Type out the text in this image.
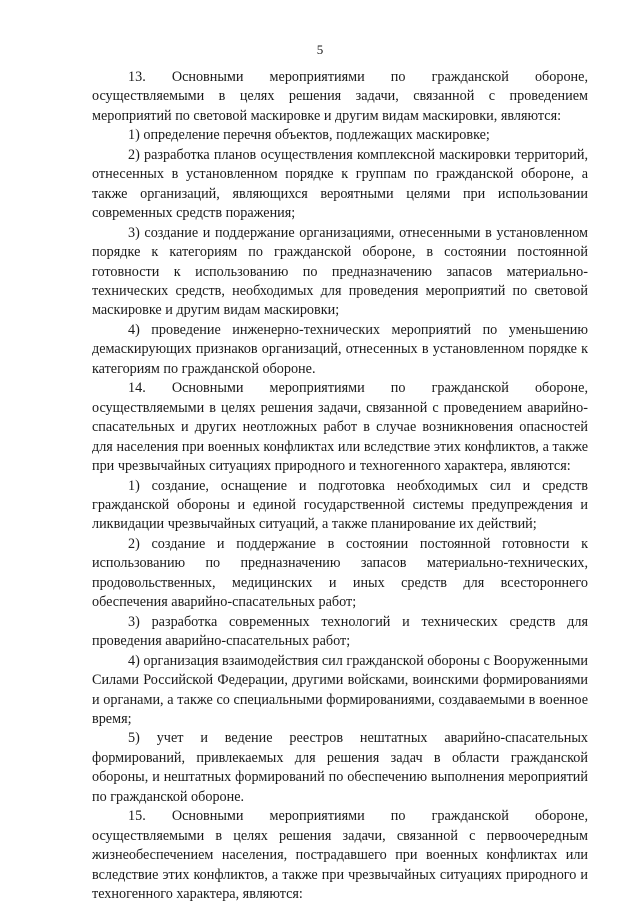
5

13. Основными мероприятиями по гражданской обороне, осуществляемыми в целях решения задачи, связанной с проведением мероприятий по световой маскировке и другим видам маскировки, являются:

1) определение перечня объектов, подлежащих маскировке;

2) разработка планов осуществления комплексной маскировки территорий, отнесенных в установленном порядке к группам по гражданской обороне, а также организаций, являющихся вероятными целями при использовании современных средств поражения;

3) создание и поддержание организациями, отнесенными в установленном порядке к категориям по гражданской обороне, в состоянии постоянной готовности к использованию по предназначению запасов материально-технических средств, необходимых для проведения мероприятий по световой маскировке и другим видам маскировки;

4) проведение инженерно-технических мероприятий по уменьшению демаскирующих признаков организаций, отнесенных в установленном порядке к категориям по гражданской обороне.

14. Основными мероприятиями по гражданской обороне, осуществляемыми в целях решения задачи, связанной с проведением аварийно-спасательных и других неотложных работ в случае возникновения опасностей для населения при военных конфликтах или вследствие этих конфликтов, а также при чрезвычайных ситуациях природного и техногенного характера, являются:

1) создание, оснащение и подготовка необходимых сил и средств гражданской обороны и единой государственной системы предупреждения и ликвидации чрезвычайных ситуаций, а также планирование их действий;

2) создание и поддержание в состоянии постоянной готовности к использованию по предназначению запасов материально-технических, продовольственных, медицинских и иных средств для всестороннего обеспечения аварийно-спасательных работ;

3) разработка современных технологий и технических средств для проведения аварийно-спасательных работ;

4) организация взаимодействия сил гражданской обороны с Вооруженными Силами Российской Федерации, другими войсками, воинскими формированиями и органами, а также со специальными формированиями, создаваемыми в военное время;

5) учет и ведение реестров нештатных аварийно-спасательных формирований, привлекаемых для решения задач в области гражданской обороны, и нештатных формирований по обеспечению выполнения мероприятий по гражданской обороне.

15. Основными мероприятиями по гражданской обороне, осуществляемыми в целях решения задачи, связанной с первоочередным жизнеобеспечением населения, пострадавшего при военных конфликтах или вследствие этих конфликтов, а также при чрезвычайных ситуациях природного и техногенного характера, являются:
